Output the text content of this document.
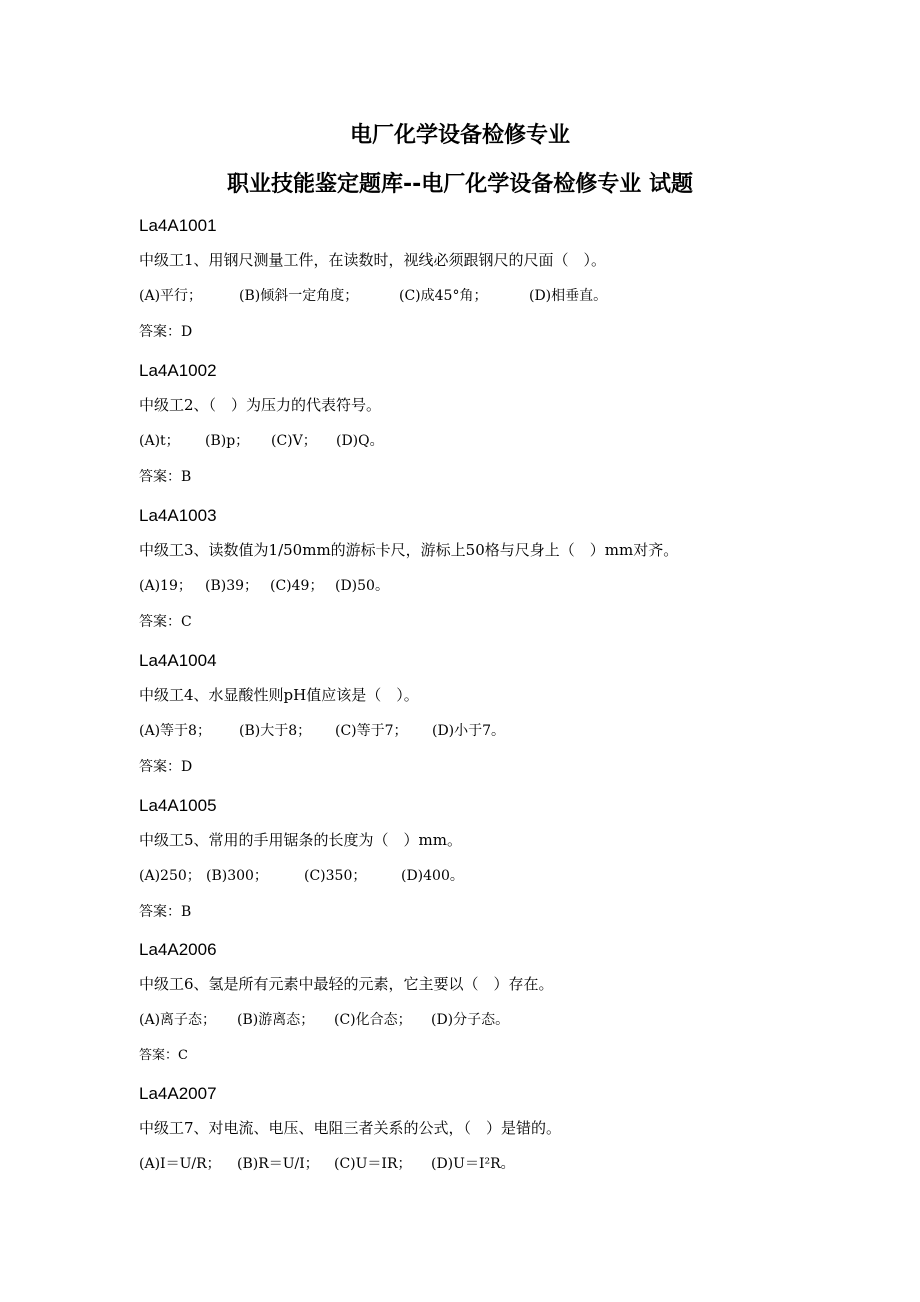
电厂化学设备检修专业
职业技能鉴定题库--电厂化学设备检修专业 试题
La4A1001
中级工1、用钢尺测量工件，在读数时，视线必须跟钢尺的尺面（　）。
(A)平行；	(B)倾斜一定角度；	(C)成45°角；	(D)相垂直。
答案：D
La4A1002
中级工2、（　）为压力的代表符号。
(A)t；	(B)p；	(C)V；	(D)Q。
答案：B
La4A1003
中级工3、读数值为1/50mm的游标卡尺，游标上50格与尺身上（　）mm对齐。
(A)19； (B)39； (C)49； (D)50。
答案：C
La4A1004
中级工4、水显酸性则pH值应该是（　）。
(A)等于8；	(B)大于8；	(C)等于7；	(D)小于7。
答案：D
La4A1005
中级工5、常用的手用锯条的长度为（　）mm。
(A)250； (B)300；	(C)350；	(D)400。
答案：B
La4A2006
中级工6、氢是所有元素中最轻的元素，它主要以（　）存在。
(A)离子态；	(B)游离态；	(C)化合态；	(D)分子态。
答案：C
La4A2007
中级工7、对电流、电压、电阻三者关系的公式，（　）是错的。
(A)I＝U/R；	(B)R＝U/I；	(C)U＝IR；	(D)U＝I²R。
